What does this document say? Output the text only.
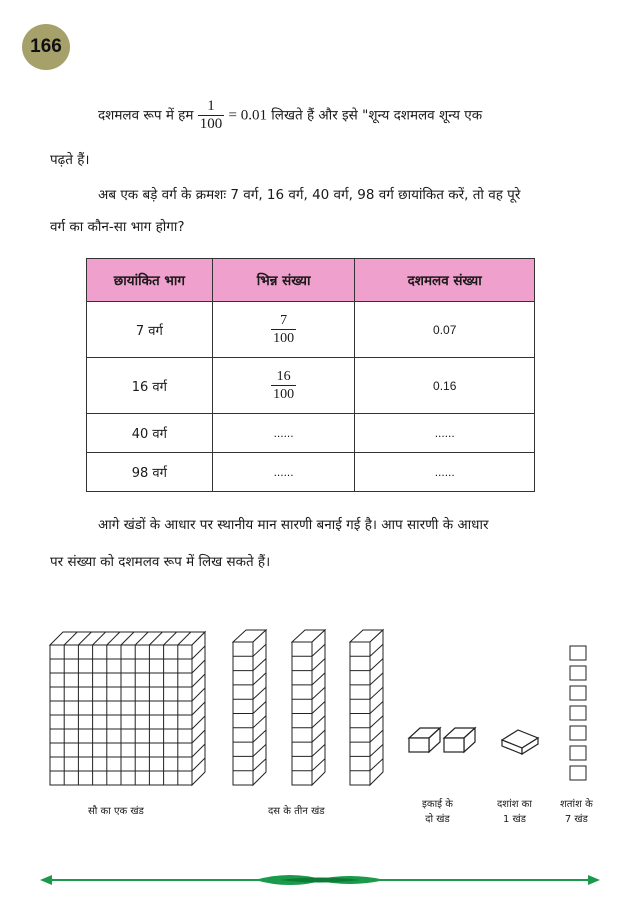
166
दशमलव रूप में हम $\frac{1}{100} = 0.01$ लिखते हैं और इसे "शून्य दशमलव शून्य एक
पढ़ते हैं।
अब एक बड़े वर्ग के क्रमशः 7 वर्ग, 16 वर्ग, 40 वर्ग, 98 वर्ग छायांकित करें, तो वह पूरे
वर्ग का कौन-सा भाग होगा?
छायांकित भाग	भिन्न संख्या	दशमलव संख्या
7 वर्ग	$\frac{7}{100}$	0.07
16 वर्ग	$\frac{16}{100}$	0.16
40 वर्ग	......	......
98 वर्ग	......	......
आगे खंडों के आधार पर स्थानीय मान सारणी बनाई गई है। आप सारणी के आधार
पर संख्या को दशमलव रूप में लिख सकते हैं।
सौ का एक खंड	दस के तीन खंड
इकाई के
दो खंड
दशांश का
1 खंड
शतांश के
7 खंड
